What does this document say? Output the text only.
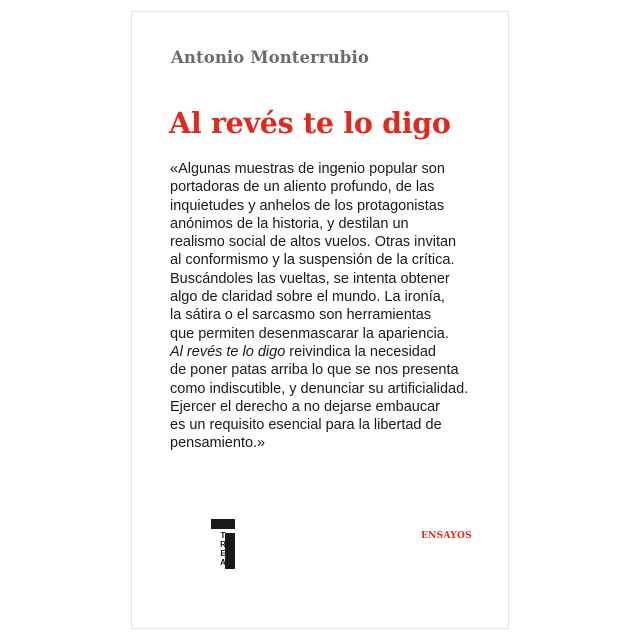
Antonio Monterrubio
Al revés te lo digo
«Algunas muestras de ingenio popular son
portadoras de un aliento profundo, de las
inquietudes y anhelos de los protagonistas
anónimos de la historia, y destilan un
realismo social de altos vuelos. Otras invitan
al conformismo y la suspensión de la crítica.
Buscándoles las vueltas, se intenta obtener
algo de claridad sobre el mundo. La ironía,
la sátira o el sarcasmo son herramientas
que permiten desenmascarar la apariencia.
Al revés te lo digo reivindica la necesidad
de poner patas arriba lo que se nos presenta
como indiscutible, y denunciar su artificialidad.
Ejercer el derecho a no dejarse embaucar
es un requisito esencial para la libertad de
pensamiento.»
T
R
E
A
ENSAYOS
